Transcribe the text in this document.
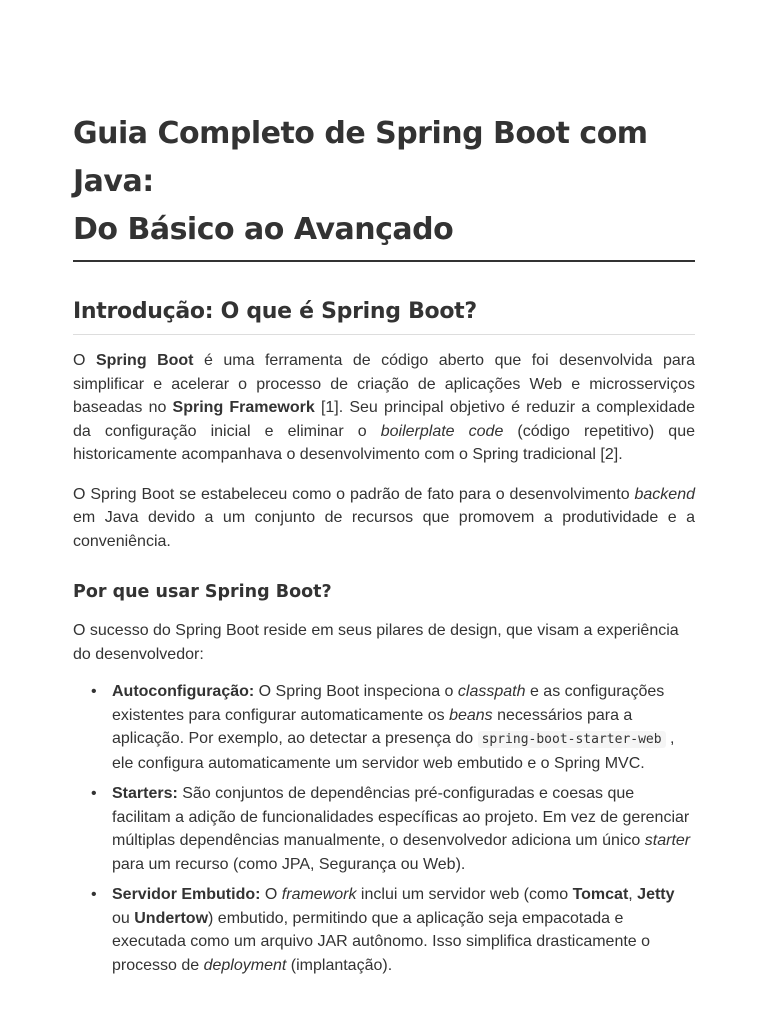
Guia Completo de Spring Boot com Java:
Do Básico ao Avançado
Introdução: O que é Spring Boot?

O Spring Boot é uma ferramenta de código aberto que foi desenvolvida para simplificar e acelerar o processo de criação de aplicações Web e microsserviços baseadas no Spring Framework [1]. Seu principal objetivo é reduzir a complexidade da configuração inicial e eliminar o boilerplate code (código repetitivo) que historicamente acompanhava o desenvolvimento com o Spring tradicional [2].

O Spring Boot se estabeleceu como o padrão de fato para o desenvolvimento backend em Java devido a um conjunto de recursos que promovem a produtividade e a conveniência.

Por que usar Spring Boot?

O sucesso do Spring Boot reside em seus pilares de design, que visam a experiência do desenvolvedor:

• Autoconfiguração: O Spring Boot inspeciona o classpath e as configurações existentes para configurar automaticamente os beans necessários para a aplicação. Por exemplo, ao detectar a presença do spring-boot-starter-web , ele configura automaticamente um servidor web embutido e o Spring MVC.
• Starters: São conjuntos de dependências pré-configuradas e coesas que facilitam a adição de funcionalidades específicas ao projeto. Em vez de gerenciar múltiplas dependências manualmente, o desenvolvedor adiciona um único starter para um recurso (como JPA, Segurança ou Web).
• Servidor Embutido: O framework inclui um servidor web (como Tomcat, Jetty ou Undertow) embutido, permitindo que a aplicação seja empacotada e executada como um arquivo JAR autônomo. Isso simplifica drasticamente o processo de deployment (implantação).
